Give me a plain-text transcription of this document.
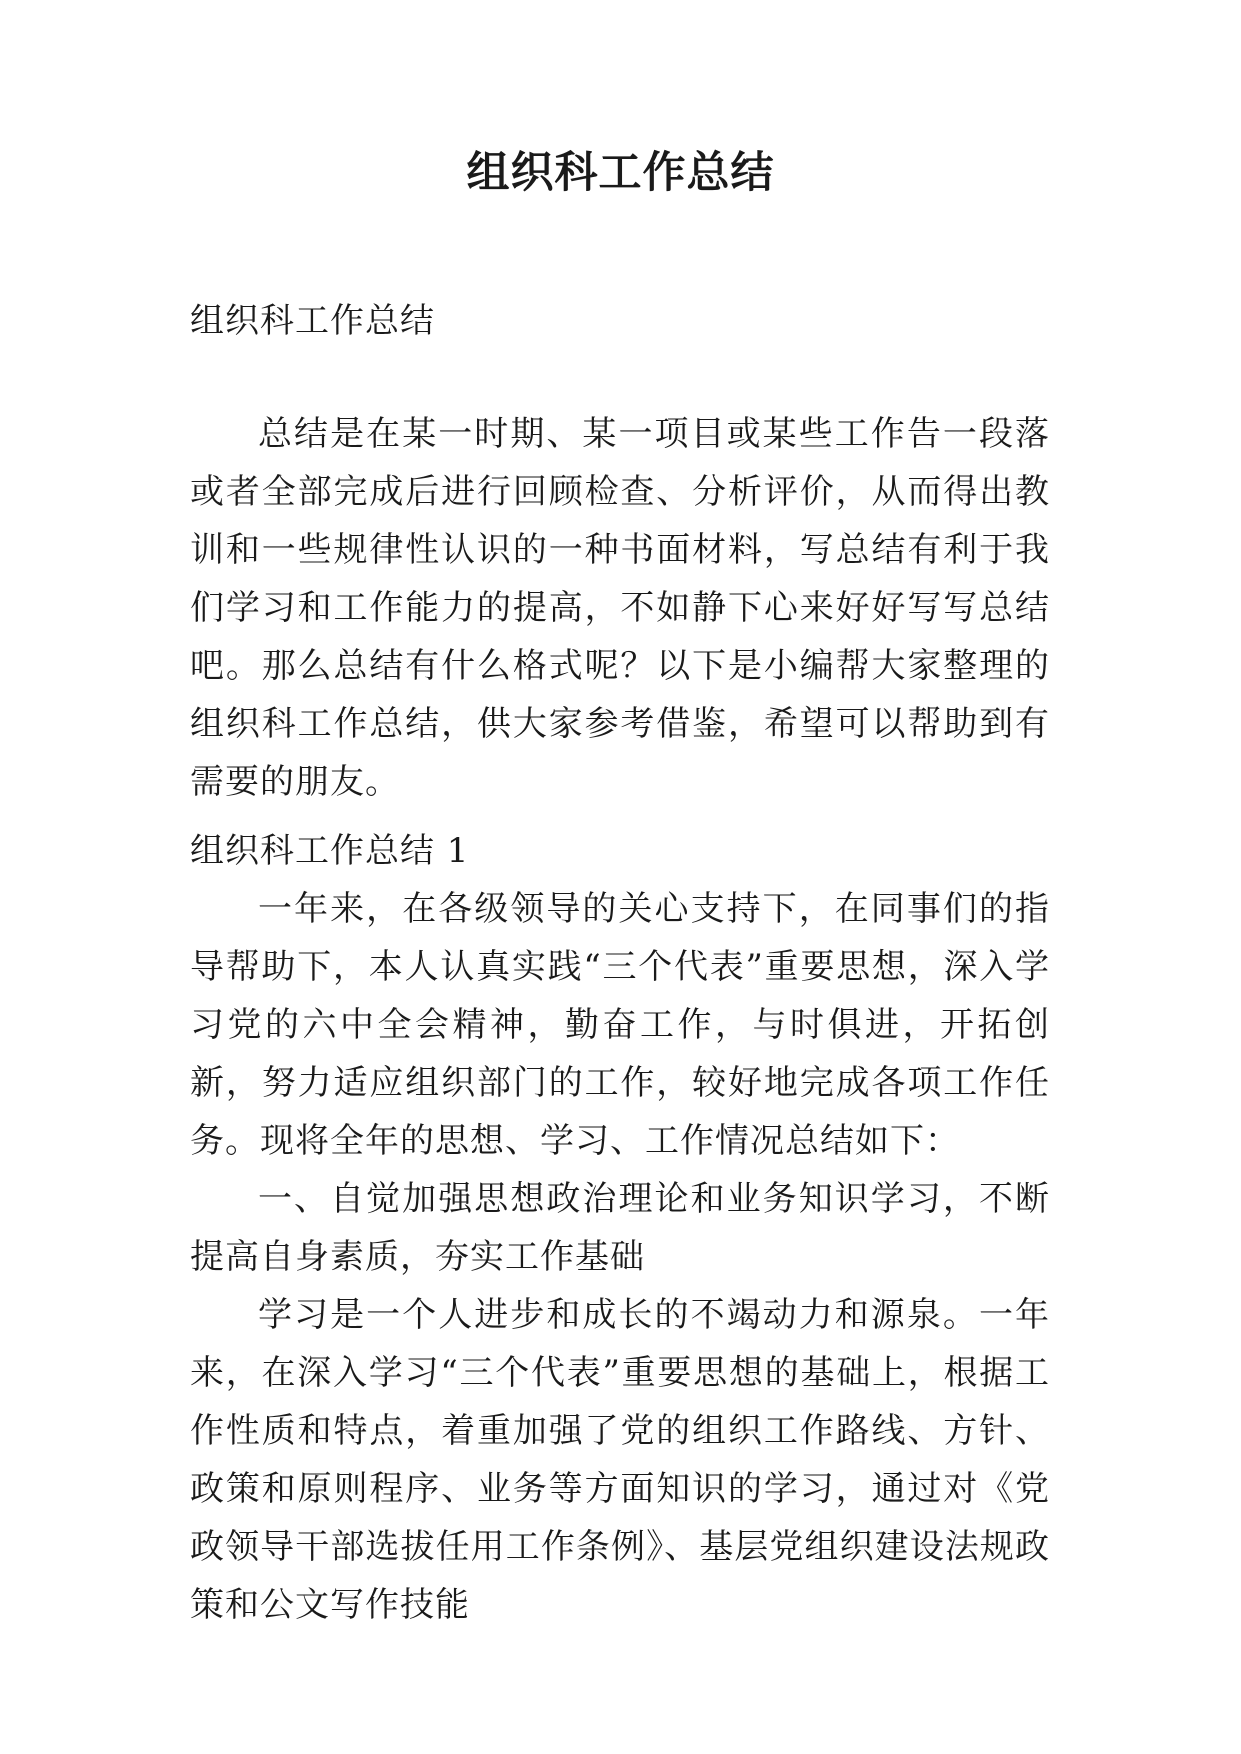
组织科工作总结
组织科工作总结
总结是在某一时期、某一项目或某些工作告一段落或者全部完成后进行回顾检查、分析评价，从而得出教训和一些规律性认识的一种书面材料，写总结有利于我们学习和工作能力的提高，不如静下心来好好写写总结吧。那么总结有什么格式呢？以下是小编帮大家整理的组织科工作总结，供大家参考借鉴，希望可以帮助到有需要的朋友。
组织科工作总结 1

一年来，在各级领导的关心支持下，在同事们的指导帮助下，本人认真实践“三个代表”重要思想，深入学习党的六中全会精神，勤奋工作，与时俱进，开拓创新，努力适应组织部门的工作，较好地完成各项工作任务。现将全年的思想、学习、工作情况总结如下：

一、自觉加强思想政治理论和业务知识学习，不断提高自身素质，夯实工作基础

学习是一个人进步和成长的不竭动力和源泉。一年来，在深入学习“三个代表”重要思想的基础上，根据工作性质和特点，着重加强了党的组织工作路线、方针、政策和原则程序、业务等方面知识的学习，通过对《党政领导干部选拔任用工作条例》、基层党组织建设法规政策和公文写作技能
